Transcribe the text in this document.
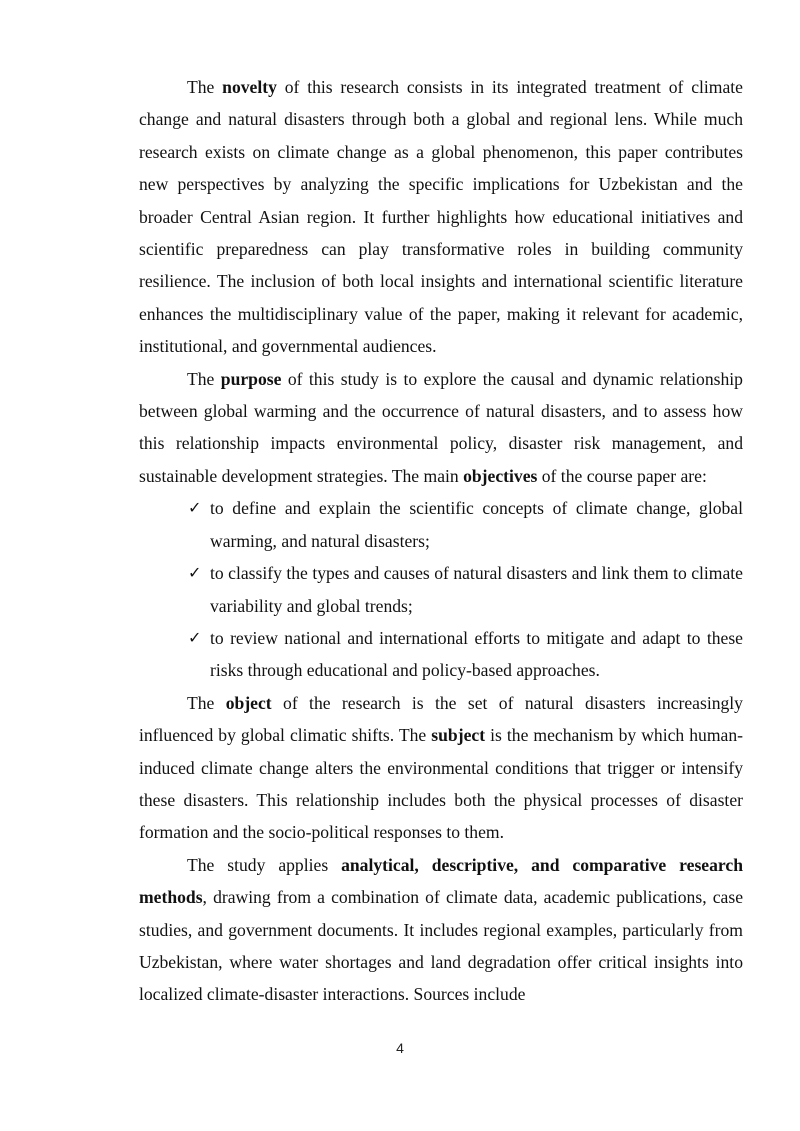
The novelty of this research consists in its integrated treatment of climate change and natural disasters through both a global and regional lens. While much research exists on climate change as a global phenomenon, this paper contributes new perspectives by analyzing the specific implications for Uzbekistan and the broader Central Asian region. It further highlights how educational initiatives and scientific preparedness can play transformative roles in building community resilience. The inclusion of both local insights and international scientific literature enhances the multidisciplinary value of the paper, making it relevant for academic, institutional, and governmental audiences.

The purpose of this study is to explore the causal and dynamic relationship between global warming and the occurrence of natural disasters, and to assess how this relationship impacts environmental policy, disaster risk management, and sustainable development strategies. The main objectives of the course paper are:

✓ to define and explain the scientific concepts of climate change, global warming, and natural disasters;
✓ to classify the types and causes of natural disasters and link them to climate variability and global trends;
✓ to review national and international efforts to mitigate and adapt to these risks through educational and policy-based approaches.

The object of the research is the set of natural disasters increasingly influenced by global climatic shifts. The subject is the mechanism by which human-induced climate change alters the environmental conditions that trigger or intensify these disasters. This relationship includes both the physical processes of disaster formation and the socio-political responses to them.

The study applies analytical, descriptive, and comparative research methods, drawing from a combination of climate data, academic publications, case studies, and government documents. It includes regional examples, particularly from Uzbekistan, where water shortages and land degradation offer critical insights into localized climate-disaster interactions. Sources include

4
